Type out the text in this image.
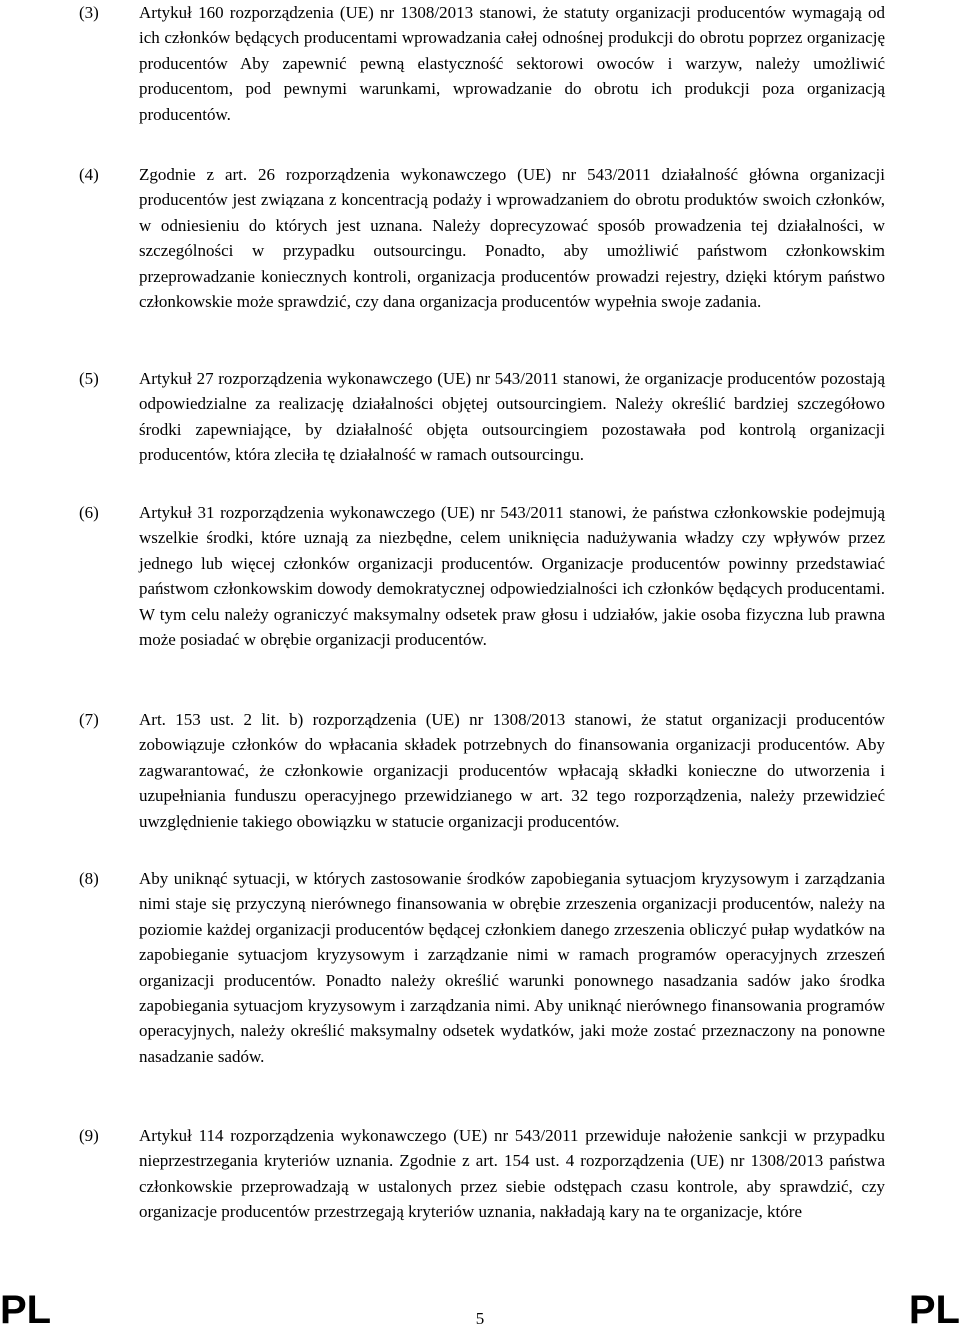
(3) Artykuł 160 rozporządzenia (UE) nr 1308/2013 stanowi, że statuty organizacji producentów wymagają od ich członków będących producentami wprowadzania całej odnośnej produkcji do obrotu poprzez organizację producentów Aby zapewnić pewną elastyczność sektorowi owoców i warzyw, należy umożliwić producentom, pod pewnymi warunkami, wprowadzanie do obrotu ich produkcji poza organizacją producentów.
(4) Zgodnie z art. 26 rozporządzenia wykonawczego (UE) nr 543/2011 działalność główna organizacji producentów jest związana z koncentracją podaży i wprowadzaniem do obrotu produktów swoich członków, w odniesieniu do których jest uznana. Należy doprecyzować sposób prowadzenia tej działalności, w szczególności w przypadku outsourcingu. Ponadto, aby umożliwić państwom członkowskim przeprowadzanie koniecznych kontroli, organizacja producentów prowadzi rejestry, dzięki którym państwo członkowskie może sprawdzić, czy dana organizacja producentów wypełnia swoje zadania.
(5) Artykuł 27 rozporządzenia wykonawczego (UE) nr 543/2011 stanowi, że organizacje producentów pozostają odpowiedzialne za realizację działalności objętej outsourcingiem. Należy określić bardziej szczegółowo środki zapewniające, by działalność objęta outsourcingiem pozostawała pod kontrolą organizacji producentów, która zleciła tę działalność w ramach outsourcingu.
(6) Artykuł 31 rozporządzenia wykonawczego (UE) nr 543/2011 stanowi, że państwa członkowskie podejmują wszelkie środki, które uznają za niezbędne, celem uniknięcia nadużywania władzy czy wpływów przez jednego lub więcej członków organizacji producentów. Organizacje producentów powinny przedstawiać państwom członkowskim dowody demokratycznej odpowiedzialności ich członków będących producentami. W tym celu należy ograniczyć maksymalny odsetek praw głosu i udziałów, jakie osoba fizyczna lub prawna może posiadać w obrębie organizacji producentów.
(7) Art. 153 ust. 2 lit. b) rozporządzenia (UE) nr 1308/2013 stanowi, że statut organizacji producentów zobowiązuje członków do wpłacania składek potrzebnych do finansowania organizacji producentów. Aby zagwarantować, że członkowie organizacji producentów wpłacają składki konieczne do utworzenia i uzupełniania funduszu operacyjnego przewidzianego w art. 32 tego rozporządzenia, należy przewidzieć uwzględnienie takiego obowiązku w statucie organizacji producentów.
(8) Aby uniknąć sytuacji, w których zastosowanie środków zapobiegania sytuacjom kryzysowym i zarządzania nimi staje się przyczyną nierównego finansowania w obrębie zrzeszenia organizacji producentów, należy na poziomie każdej organizacji producentów będącej członkiem danego zrzeszenia obliczyć pułap wydatków na zapobieganie sytuacjom kryzysowym i zarządzanie nimi w ramach programów operacyjnych zrzeszeń organizacji producentów. Ponadto należy określić warunki ponownego nasadzania sadów jako środka zapobiegania sytuacjom kryzysowym i zarządzania nimi. Aby uniknąć nierównego finansowania programów operacyjnych, należy określić maksymalny odsetek wydatków, jaki może zostać przeznaczony na ponowne nasadzanie sadów.
(9) Artykuł 114 rozporządzenia wykonawczego (UE) nr 543/2011 przewiduje nałożenie sankcji w przypadku nieprzestrzegania kryteriów uznania. Zgodnie z art. 154 ust. 4 rozporządzenia (UE) nr 1308/2013 państwa członkowskie przeprowadzają w ustalonych przez siebie odstępach czasu kontrole, aby sprawdzić, czy organizacje producentów przestrzegają kryteriów uznania, nakładają kary na te organizacje, które
PL	5	PL
